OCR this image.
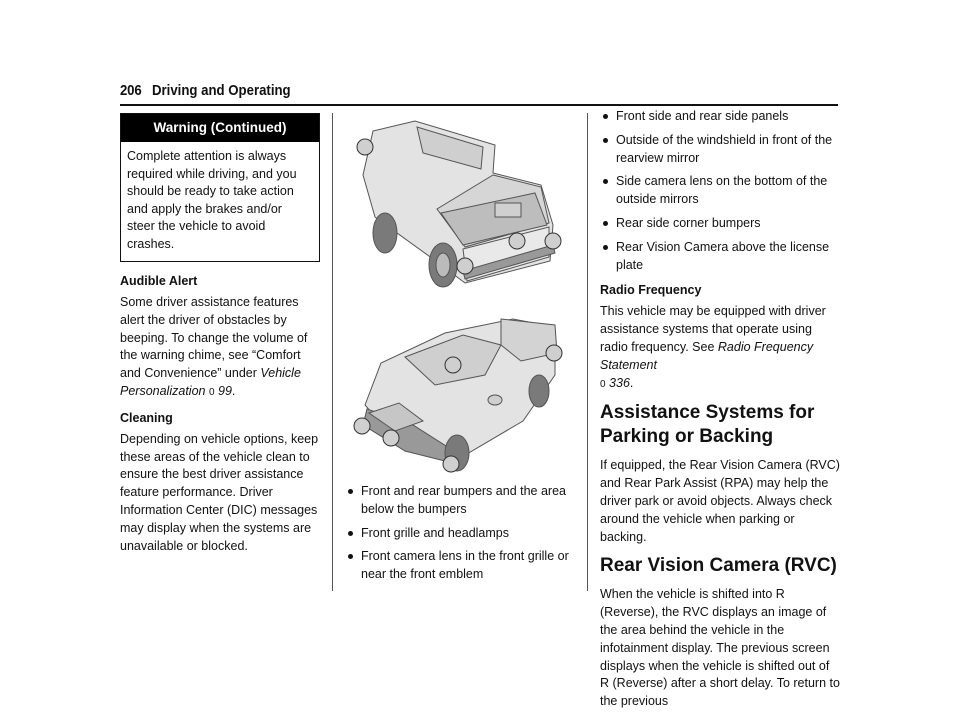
206 Driving and Operating
Warning (Continued)
Complete attention is always required while driving, and you should be ready to take action and apply the brakes and/or steer the vehicle to avoid crashes.
Audible Alert

Some driver assistance features alert the driver of obstacles by beeping. To change the volume of the warning chime, see “Comfort and Convenience” under Vehicle Personalization 0 99.

Cleaning

Depending on vehicle options, keep these areas of the vehicle clean to ensure the best driver assistance feature performance. Driver Information Center (DIC) messages may display when the systems are unavailable or blocked.

Front and rear bumpers and the area below the bumpers
Front grille and headlamps
Front camera lens in the front grille or near the front emblem
Front side and rear side panels
Outside of the windshield in front of the rearview mirror
Side camera lens on the bottom of the outside mirrors
Rear side corner bumpers
Rear Vision Camera above the license plate
Radio Frequency

This vehicle may be equipped with driver assistance systems that operate using radio frequency. See Radio Frequency Statement
0 336.

Assistance Systems for Parking or Backing

If equipped, the Rear Vision Camera (RVC) and Rear Park Assist (RPA) may help the driver park or avoid objects. Always check around the vehicle when parking or backing.

Rear Vision Camera (RVC)

When the vehicle is shifted into R (Reverse), the RVC displays an image of the area behind the vehicle in the infotainment display. The previous screen displays when the vehicle is shifted out of R (Reverse) after a short delay. To return to the previous
